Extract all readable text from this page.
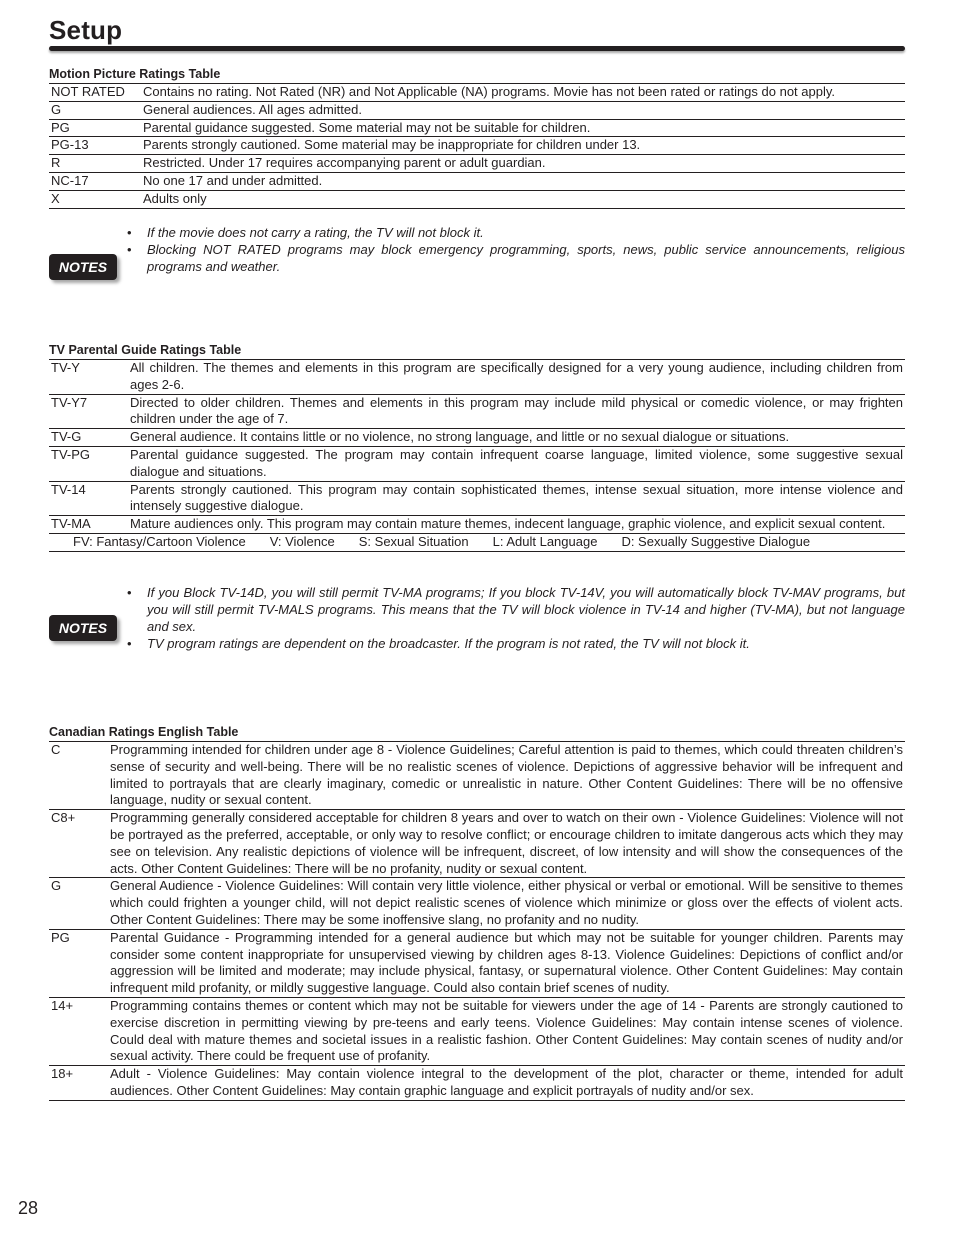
Setup
Motion Picture Ratings Table
NOT RATED	Contains no rating. Not Rated (NR) and Not Applicable (NA) programs. Movie has not been rated or ratings do not apply.
G	General audiences. All ages admitted.
PG	Parental guidance suggested. Some material may not be suitable for children.
PG-13	Parents strongly cautioned. Some material may be inappropriate for children under 13.
R	Restricted. Under 17 requires accompanying parent or adult guardian.
NC-17	No one 17 and under admitted.
X	Adults only
NOTES
• If the movie does not carry a rating, the TV will not block it.
• Blocking NOT RATED programs may block emergency programming, sports, news, public service announcements, religious programs and weather.
TV Parental Guide Ratings Table
TV-Y	All children. The themes and elements in this program are specifically designed for a very young audience, including children from ages 2-6.
TV-Y7	Directed to older children. Themes and elements in this program may include mild physical or comedic violence, or may frighten children under the age of 7.
TV-G	General audience. It contains little or no violence, no strong language, and little or no sexual dialogue or situations.
TV-PG	Parental guidance suggested. The program may contain infrequent coarse language, limited violence, some suggestive sexual dialogue and situations.
TV-14	Parents strongly cautioned. This program may contain sophisticated themes, intense sexual situation, more intense violence and intensely suggestive dialogue.
TV-MA	Mature audiences only. This program may contain mature themes, indecent language, graphic violence, and explicit sexual content.
FV: Fantasy/Cartoon Violence V: Violence S: Sexual Situation L: Adult Language D: Sexually Suggestive Dialogue
NOTES
• If you Block TV-14D, you will still permit TV-MA programs; If you block TV-14V, you will automatically block TV-MAV programs, but you will still permit TV-MALS programs. This means that the TV will block violence in TV-14 and higher (TV-MA), but not language and sex.
• TV program ratings are dependent on the broadcaster. If the program is not rated, the TV will not block it.
Canadian Ratings English Table
C	Programming intended for children under age 8 - Violence Guidelines; Careful attention is paid to themes, which could threaten children’s sense of security and well-being. There will be no realistic scenes of violence. Depictions of aggressive behavior will be infrequent and limited to portrayals that are clearly imaginary, comedic or unrealistic in nature. Other Content Guidelines: There will be no offensive language, nudity or sexual content.
C8+	Programming generally considered acceptable for children 8 years and over to watch on their own - Violence Guidelines: Violence will not be portrayed as the preferred, acceptable, or only way to resolve conflict; or encourage children to imitate dangerous acts which they may see on television. Any realistic depictions of violence will be infrequent, discreet, of low intensity and will show the consequences of the acts. Other Content Guidelines: There will be no profanity, nudity or sexual content.
G	General Audience - Violence Guidelines: Will contain very little violence, either physical or verbal or emotional. Will be sensitive to themes which could frighten a younger child, will not depict realistic scenes of violence which minimize or gloss over the effects of violent acts. Other Content Guidelines: There may be some inoffensive slang, no profanity and no nudity.
PG	Parental Guidance - Programming intended for a general audience but which may not be suitable for younger children. Parents may consider some content inappropriate for unsupervised viewing by children ages 8-13. Violence Guidelines: Depictions of conflict and/or aggression will be limited and moderate; may include physical, fantasy, or supernatural violence. Other Content Guidelines: May contain infrequent mild profanity, or mildly suggestive language. Could also contain brief scenes of nudity.
14+	Programming contains themes or content which may not be suitable for viewers under the age of 14 - Parents are strongly cautioned to exercise discretion in permitting viewing by pre-teens and early teens. Violence Guidelines: May contain intense scenes of violence. Could deal with mature themes and societal issues in a realistic fashion. Other Content Guidelines: May contain scenes of nudity and/or sexual activity. There could be frequent use of profanity.
18+	Adult - Violence Guidelines: May contain violence integral to the development of the plot, character or theme, intended for adult audiences. Other Content Guidelines: May contain graphic language and explicit portrayals of nudity and/or sex.
28
